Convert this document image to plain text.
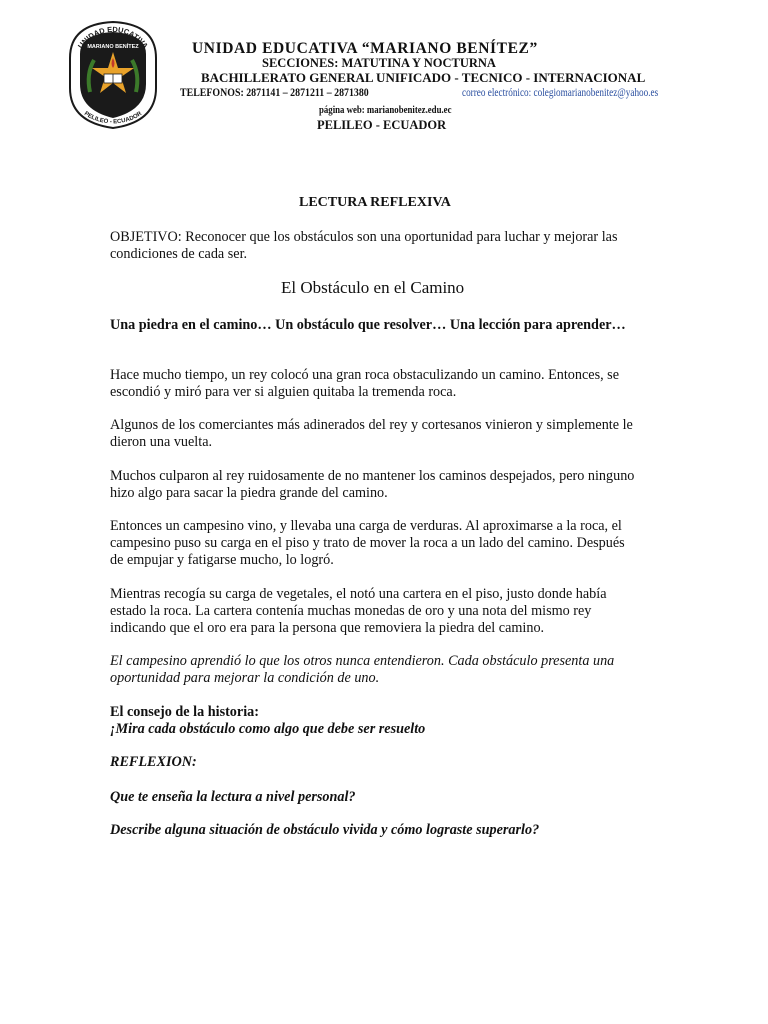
UNIDAD EDUCATIVA
PELILEO - ECUADOR
MARIANO BENÍTEZ	UNIDAD EDUCATIVA “MARIANO BENÍTEZ”
SECCIONES: MATUTINA Y NOCTURNA
BACHILLERATO GENERAL UNIFICADO - TECNICO - INTERNACIONAL
TELEFONOS: 2871141 – 2871211 – 2871380	correo electrónico: colegiomarianobenitez@yahoo.es
página web: marianobenitez.edu.ec
PELILEO - ECUADOR
LECTURA REFLEXIVA

OBJETIVO: Reconocer que los obstáculos son una oportunidad para luchar y mejorar las condiciones de cada ser.

El Obstáculo en el Camino

Una piedra en el camino… Un obstáculo que resolver… Una lección para aprender…

Hace mucho tiempo, un rey colocó una gran roca obstaculizando un camino. Entonces, se escondió y miró para ver si alguien quitaba la tremenda roca.

Algunos de los comerciantes más adinerados del rey y cortesanos vinieron y simplemente le dieron una vuelta.

Muchos culparon al rey ruidosamente de no mantener los caminos despejados, pero ninguno hizo algo para sacar la piedra grande del camino.

Entonces un campesino vino, y llevaba una carga de verduras. Al aproximarse a la roca, el campesino puso su carga en el piso y trato de mover la roca a un lado del camino. Después de empujar y fatigarse mucho, lo logró.

Mientras recogía su carga de vegetales, el notó una cartera en el piso, justo donde había estado la roca. La cartera contenía muchas monedas de oro y una nota del mismo rey indicando que el oro era para la persona que removiera la piedra del camino.

El campesino aprendió lo que los otros nunca entendieron. Cada obstáculo presenta una oportunidad para mejorar la condición de uno.

El consejo de la historia:
¡Mira cada obstáculo como algo que debe ser resuelto
REFLEXION:
Que te enseña la lectura a nivel personal?
Describe alguna situación de obstáculo vivida y cómo lograste superarlo?
